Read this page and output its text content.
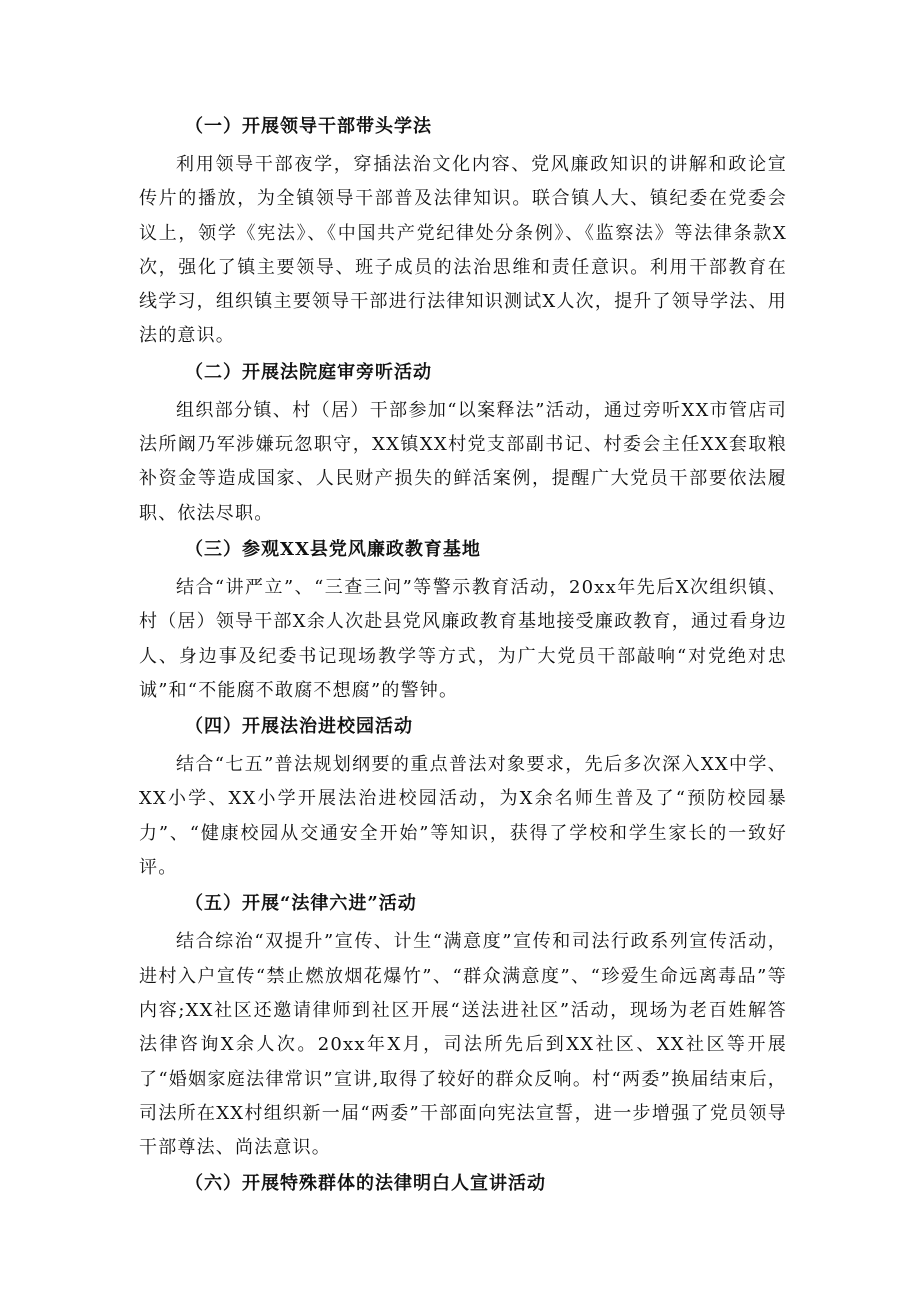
（一）开展领导干部带头学法

利用领导干部夜学，穿插法治文化内容、党风廉政知识的讲解和政论宣传片的播放，为全镇领导干部普及法律知识。联合镇人大、镇纪委在党委会议上，领学《宪法》、《中国共产党纪律处分条例》、《监察法》等法律条款X次，强化了镇主要领导、班子成员的法治思维和责任意识。利用干部教育在线学习，组织镇主要领导干部进行法律知识测试X人次，提升了领导学法、用法的意识。

（二）开展法院庭审旁听活动

组织部分镇、村（居）干部参加“以案释法”活动，通过旁听XX市管店司法所阚乃军涉嫌玩忽职守，XX镇XX村党支部副书记、村委会主任XX套取粮补资金等造成国家、人民财产损失的鲜活案例，提醒广大党员干部要依法履职、依法尽职。

（三）参观XX县党风廉政教育基地

结合“讲严立”、“三查三问”等警示教育活动，20xx年先后X次组织镇、村（居）领导干部X余人次赴县党风廉政教育基地接受廉政教育，通过看身边人、身边事及纪委书记现场教学等方式，为广大党员干部敲响“对党绝对忠诚”和“不能腐不敢腐不想腐”的警钟。

（四）开展法治进校园活动

结合“七五”普法规划纲要的重点普法对象要求，先后多次深入XX中学、XX小学、XX小学开展法治进校园活动，为X余名师生普及了“预防校园暴力”、“健康校园从交通安全开始”等知识，获得了学校和学生家长的一致好评。

（五）开展“法律六进”活动

结合综治“双提升”宣传、计生“满意度”宣传和司法行政系列宣传活动，进村入户宣传“禁止燃放烟花爆竹”、“群众满意度”、“珍爱生命远离毒品”等内容;XX社区还邀请律师到社区开展“送法进社区”活动，现场为老百姓解答法律咨询X余人次。20xx年X月，司法所先后到XX社区、XX社区等开展了“婚姻家庭法律常识”宣讲,取得了较好的群众反响。村“两委”换届结束后，司法所在XX村组织新一届“两委”干部面向宪法宣誓，进一步增强了党员领导干部尊法、尚法意识。

（六）开展特殊群体的法律明白人宣讲活动
